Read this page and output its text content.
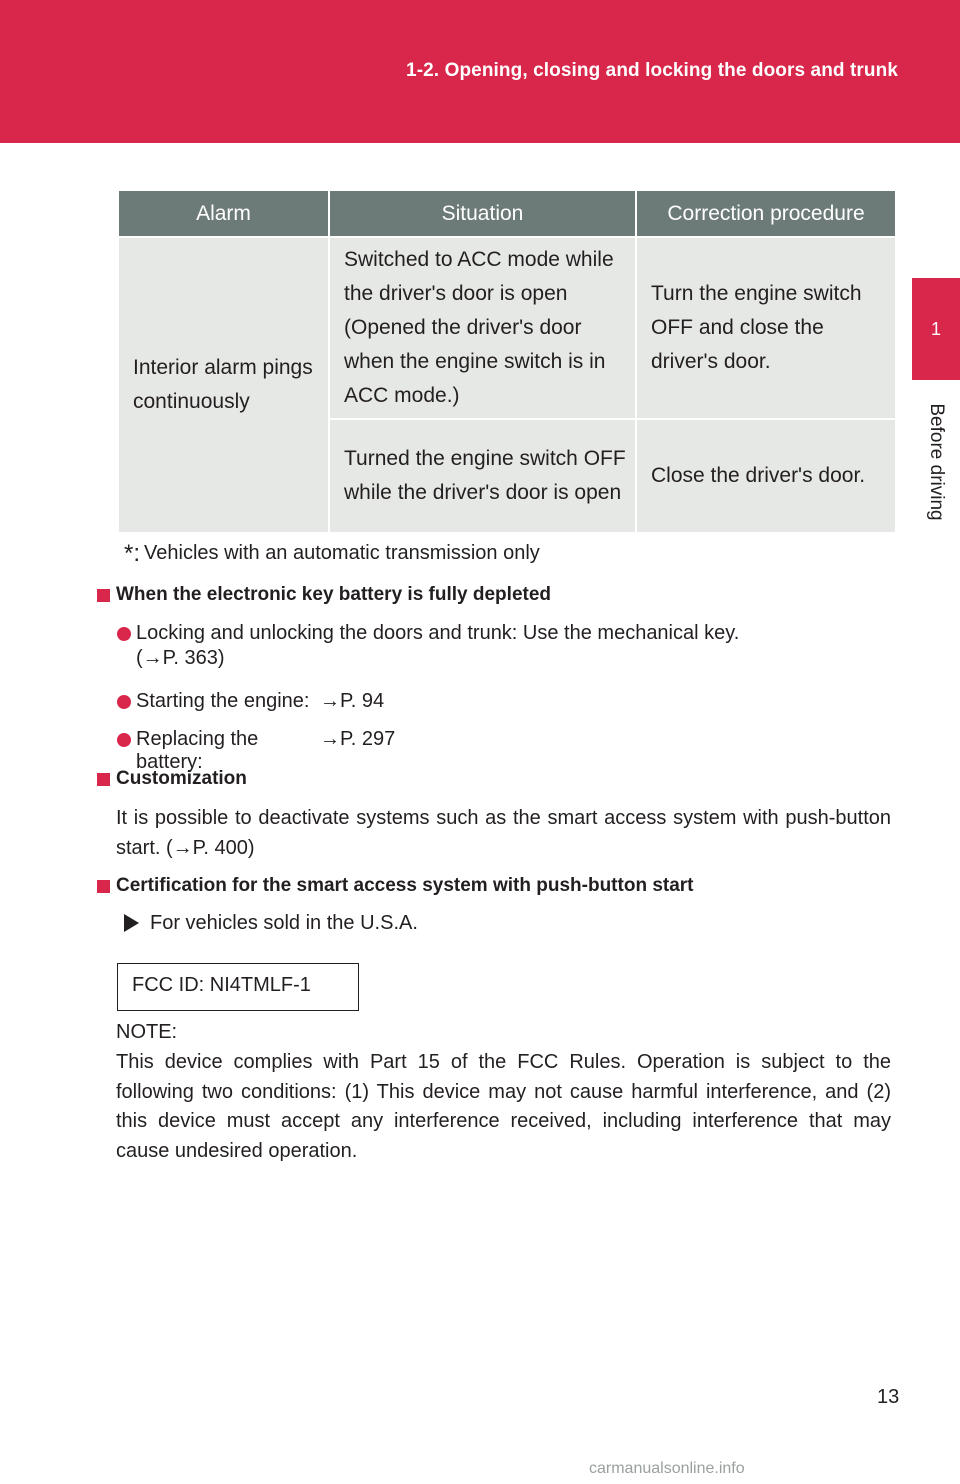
1-2. Opening, closing and locking the doors and trunk
1
Before driving
Alarm	Situation	Correction procedure
Interior alarm pings continuously	Switched to ACC mode while the driver's door is open (Opened the driver's door when the engine switch is in ACC mode.)	Turn the engine switch OFF and close the driver's door.
	Turned the engine switch OFF while the driver's door is open	Close the driver's door.
*: Vehicles with an automatic transmission only
When the electronic key battery is fully depleted
Locking and unlocking the doors and trunk: Use the mechanical key.
(→P. 363)
Starting the engine: →P. 94
Replacing the battery:
→P. 297
Customization
It is possible to deactivate systems such as the smart access system with push-button start. (→P. 400)
Certification for the smart access system with push-button start
For vehicles sold in the U.S.A.
FCC ID: NI4TMLF-1
NOTE:
This device complies with Part 15 of the FCC Rules. Operation is subject to the following two conditions: (1) This device may not cause harmful interference, and (2) this device must accept any interference received, including interference that may cause undesired operation.
13
carmanualsonline.info
